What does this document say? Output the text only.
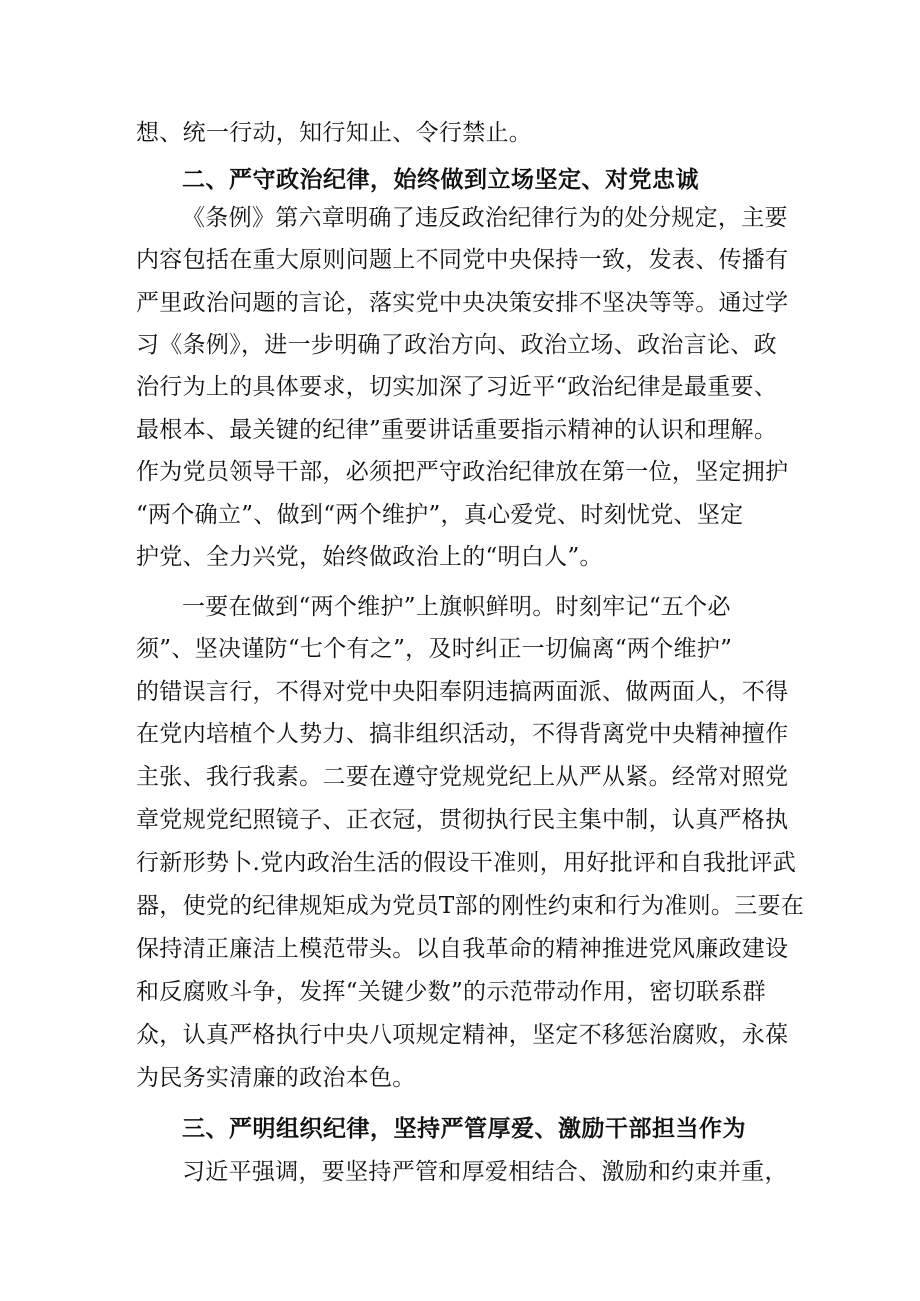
想、统一行动，知行知止、令行禁止。
二、严守政治纪律，始终做到立场坚定、对党忠诚
《条例》第六章明确了违反政治纪律行为的处分规定，主要
内容包括在重大原则问题上不同党中央保持一致，发表、传播有
严里政治问题的言论，落实党中央决策安排不坚决等等。通过学
习《条例》，进一步明确了政治方向、政治立场、政治言论、政
治行为上的具体要求，切实加深了习近平“政治纪律是最重要、
最根本、最关键的纪律”重要讲话重要指示精神的认识和理解。
作为党员领导干部，必须把严守政治纪律放在第一位，坚定拥护
“两个确立”、做到“两个维护”，真心爱党、时刻忧党、坚定
护党、全力兴党，始终做政治上的“明白人”。
一要在做到“两个维护”上旗帜鲜明。时刻牢记“五个必
须”、坚决谨防“七个有之”，及时纠正一切偏离“两个维护”
的错误言行，不得对党中央阳奉阴违搞两面派、做两面人，不得
在党内培植个人势力、搞非组织活动，不得背离党中央精神擅作
主张、我行我素。二要在遵守党规党纪上从严从紧。经常对照党
章党规党纪照镜子、正衣冠，贯彻执行民主集中制，认真严格执
行新形势卜.党内政治生活的假设干准则，用好批评和自我批评武
器，使党的纪律规矩成为党员T部的刚性约束和行为准则。三要在
保持清正廉洁上模范带头。以自我革命的精神推进党风廉政建设
和反腐败斗争，发挥“关键少数”的示范带动作用，密切联系群
众，认真严格执行中央八项规定精神，坚定不移惩治腐败，永葆
为民务实清廉的政治本色。
三、严明组织纪律，坚持严管厚爱、激励干部担当作为
习近平强调，要坚持严管和厚爱相结合、激励和约束并重，
